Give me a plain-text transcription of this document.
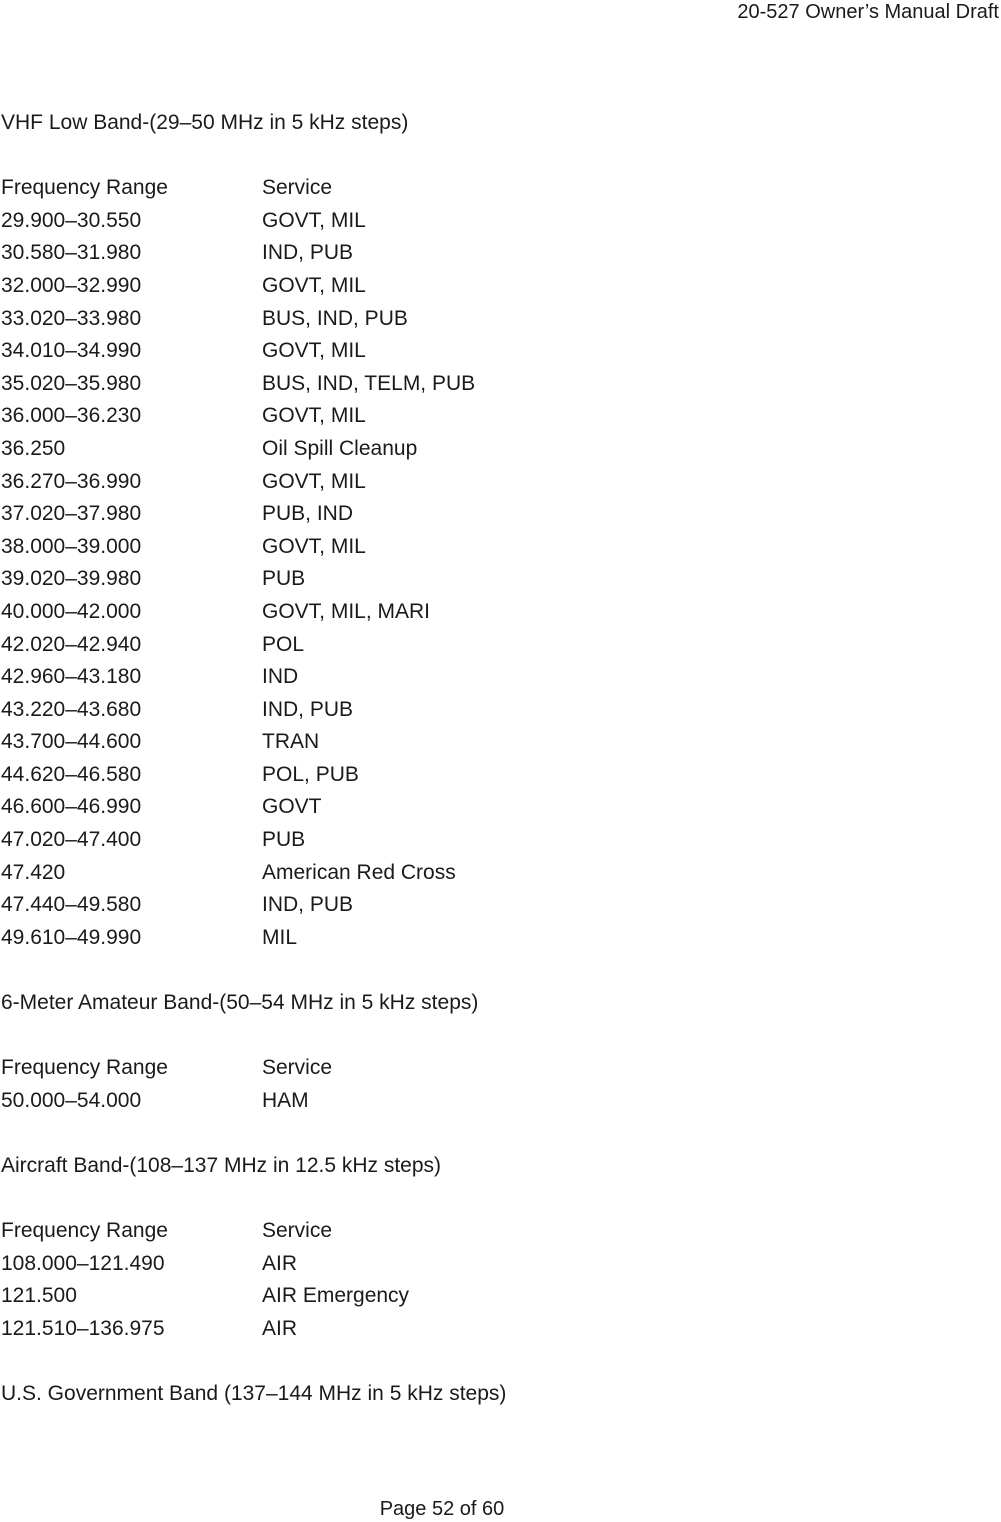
20-527 Owner’s Manual Draft
VHF Low Band-(29–50 MHz in 5 kHz steps)
Frequency Range	Service
29.900–30.550	GOVT, MIL
30.580–31.980	IND, PUB
32.000–32.990	GOVT, MIL
33.020–33.980	BUS, IND, PUB
34.010–34.990	GOVT, MIL
35.020–35.980	BUS, IND, TELM, PUB
36.000–36.230	GOVT, MIL
36.250	Oil Spill Cleanup
36.270–36.990	GOVT, MIL
37.020–37.980	PUB, IND
38.000–39.000	GOVT, MIL
39.020–39.980	PUB
40.000–42.000	GOVT, MIL, MARI
42.020–42.940	POL
42.960–43.180	IND
43.220–43.680	IND, PUB
43.700–44.600	TRAN
44.620–46.580	POL, PUB
46.600–46.990	GOVT
47.020–47.400	PUB
47.420	American Red Cross
47.440–49.580	IND, PUB
49.610–49.990	MIL
6-Meter Amateur Band-(50–54 MHz in 5 kHz steps)
Frequency Range	Service
50.000–54.000	HAM
Aircraft Band-(108–137 MHz in 12.5 kHz steps)
Frequency Range	Service
108.000–121.490	AIR
121.500	AIR Emergency
121.510–136.975	AIR
U.S. Government Band (137–144 MHz in 5 kHz steps)
Page 52 of 60
